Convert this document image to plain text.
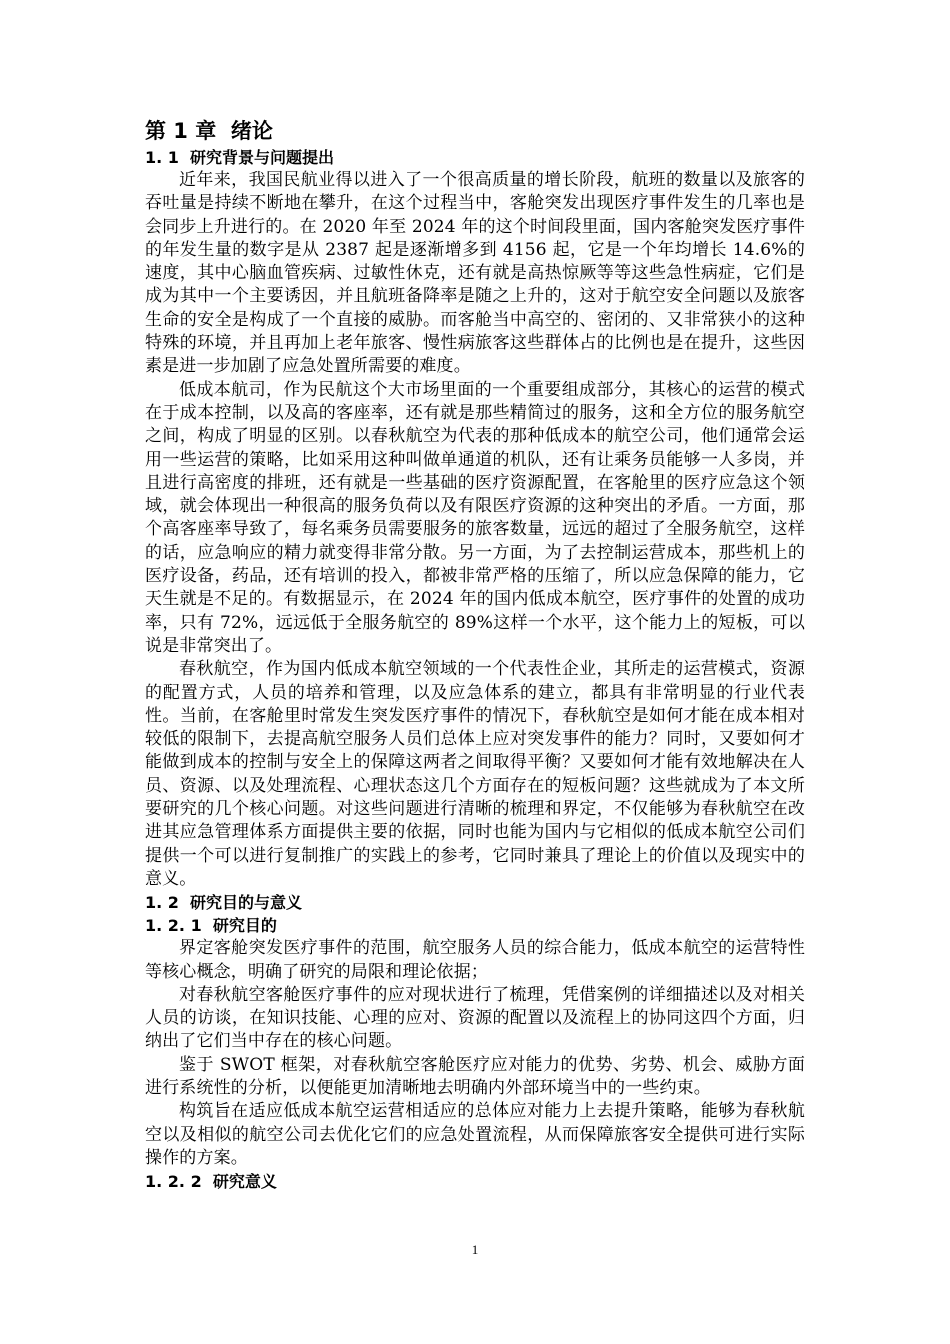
第 1 章  绪论
1. 1  研究背景与问题提出

近年来，我国民航业得以进入了一个很高质量的增长阶段，航班的数量以及旅客的吞吐量是持续不断地在攀升，在这个过程当中，客舱突发出现医疗事件发生的几率也是会同步上升进行的。在 2020 年至 2024 年的这个时间段里面，国内客舱突发医疗事件的年发生量的数字是从 2387 起是逐渐增多到 4156 起，它是一个年均增长 14.6%的速度，其中心脑血管疾病、过敏性休克，还有就是高热惊厥等等这些急性病症，它们是成为其中一个主要诱因，并且航班备降率是随之上升的，这对于航空安全问题以及旅客生命的安全是构成了一个直接的威胁。而客舱当中高空的、密闭的、又非常狭小的这种特殊的环境，并且再加上老年旅客、慢性病旅客这些群体占的比例也是在提升，这些因素是进一步加剧了应急处置所需要的难度。

低成本航司，作为民航这个大市场里面的一个重要组成部分，其核心的运营的模式在于成本控制，以及高的客座率，还有就是那些精简过的服务，这和全方位的服务航空之间，构成了明显的区别。以春秋航空为代表的那种低成本的航空公司，他们通常会运用一些运营的策略，比如采用这种叫做单通道的机队，还有让乘务员能够一人多岗，并且进行高密度的排班，还有就是一些基础的医疗资源配置，在客舱里的医疗应急这个领域，就会体现出一种很高的服务负荷以及有限医疗资源的这种突出的矛盾。一方面，那个高客座率导致了，每名乘务员需要服务的旅客数量，远远的超过了全服务航空，这样的话，应急响应的精力就变得非常分散。另一方面，为了去控制运营成本，那些机上的医疗设备，药品，还有培训的投入，都被非常严格的压缩了，所以应急保障的能力，它天生就是不足的。有数据显示，在 2024 年的国内低成本航空，医疗事件的处置的成功率，只有 72%，远远低于全服务航空的 89%这样一个水平，这个能力上的短板，可以说是非常突出了。

春秋航空，作为国内低成本航空领域的一个代表性企业，其所走的运营模式，资源的配置方式，人员的培养和管理，以及应急体系的建立，都具有非常明显的行业代表性。当前，在客舱里时常发生突发医疗事件的情况下，春秋航空是如何才能在成本相对较低的限制下，去提高航空服务人员们总体上应对突发事件的能力？同时，又要如何才能做到成本的控制与安全上的保障这两者之间取得平衡？又要如何才能有效地解决在人员、资源、以及处理流程、心理状态这几个方面存在的短板问题？这些就成为了本文所要研究的几个核心问题。对这些问题进行清晰的梳理和界定，不仅能够为春秋航空在改进其应急管理体系方面提供主要的依据，同时也能为国内与它相似的低成本航空公司们提供一个可以进行复制推广的实践上的参考，它同时兼具了理论上的价值以及现实中的意义。

1. 2  研究目的与意义
1. 2. 1  研究目的

界定客舱突发医疗事件的范围，航空服务人员的综合能力，低成本航空的运营特性等核心概念，明确了研究的局限和理论依据；

对春秋航空客舱医疗事件的应对现状进行了梳理，凭借案例的详细描述以及对相关人员的访谈，在知识技能、心理的应对、资源的配置以及流程上的协同这四个方面，归纳出了它们当中存在的核心问题。

鉴于 SWOT 框架，对春秋航空客舱医疗应对能力的优势、劣势、机会、威胁方面进行系统性的分析，以便能更加清晰地去明确内外部环境当中的一些约束。

构筑旨在适应低成本航空运营相适应的总体应对能力上去提升策略，能够为春秋航空以及相似的航空公司去优化它们的应急处置流程，从而保障旅客安全提供可进行实际操作的方案。

1. 2. 2  研究意义
1
